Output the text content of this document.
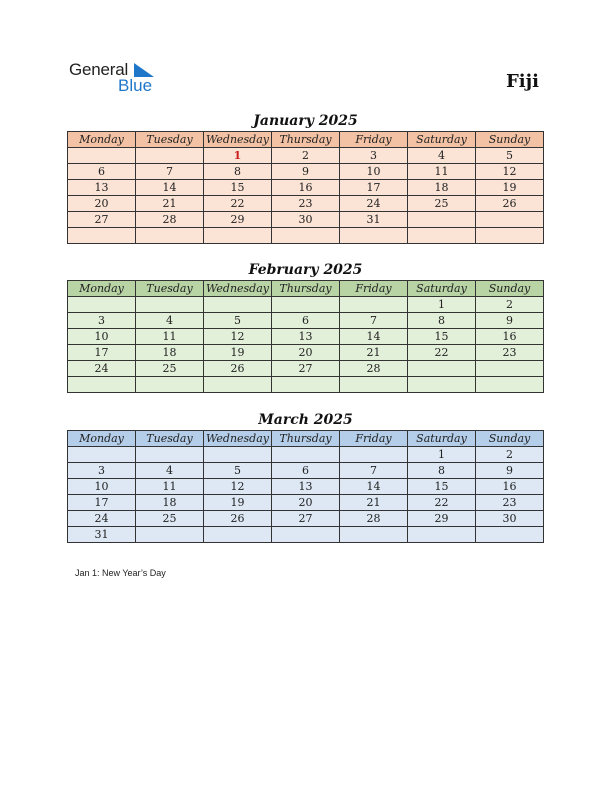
General
Blue	Fiji
January 2025
Monday	Tuesday	Wednesday	Thursday	Friday	Saturday	Sunday
		1	2	3	4	5
6	7	8	9	10	11	12
13	14	15	16	17	18	19
20	21	22	23	24	25	26
27	28	29	30	31		

February 2025
Monday	Tuesday	Wednesday	Thursday	Friday	Saturday	Sunday
					1	2
3	4	5	6	7	8	9
10	11	12	13	14	15	16
17	18	19	20	21	22	23
24	25	26	27	28		

March 2025
Monday	Tuesday	Wednesday	Thursday	Friday	Saturday	Sunday
					1	2
3	4	5	6	7	8	9
10	11	12	13	14	15	16
17	18	19	20	21	22	23
24	25	26	27	28	29	30
31						
Jan 1: New Year’s Day
